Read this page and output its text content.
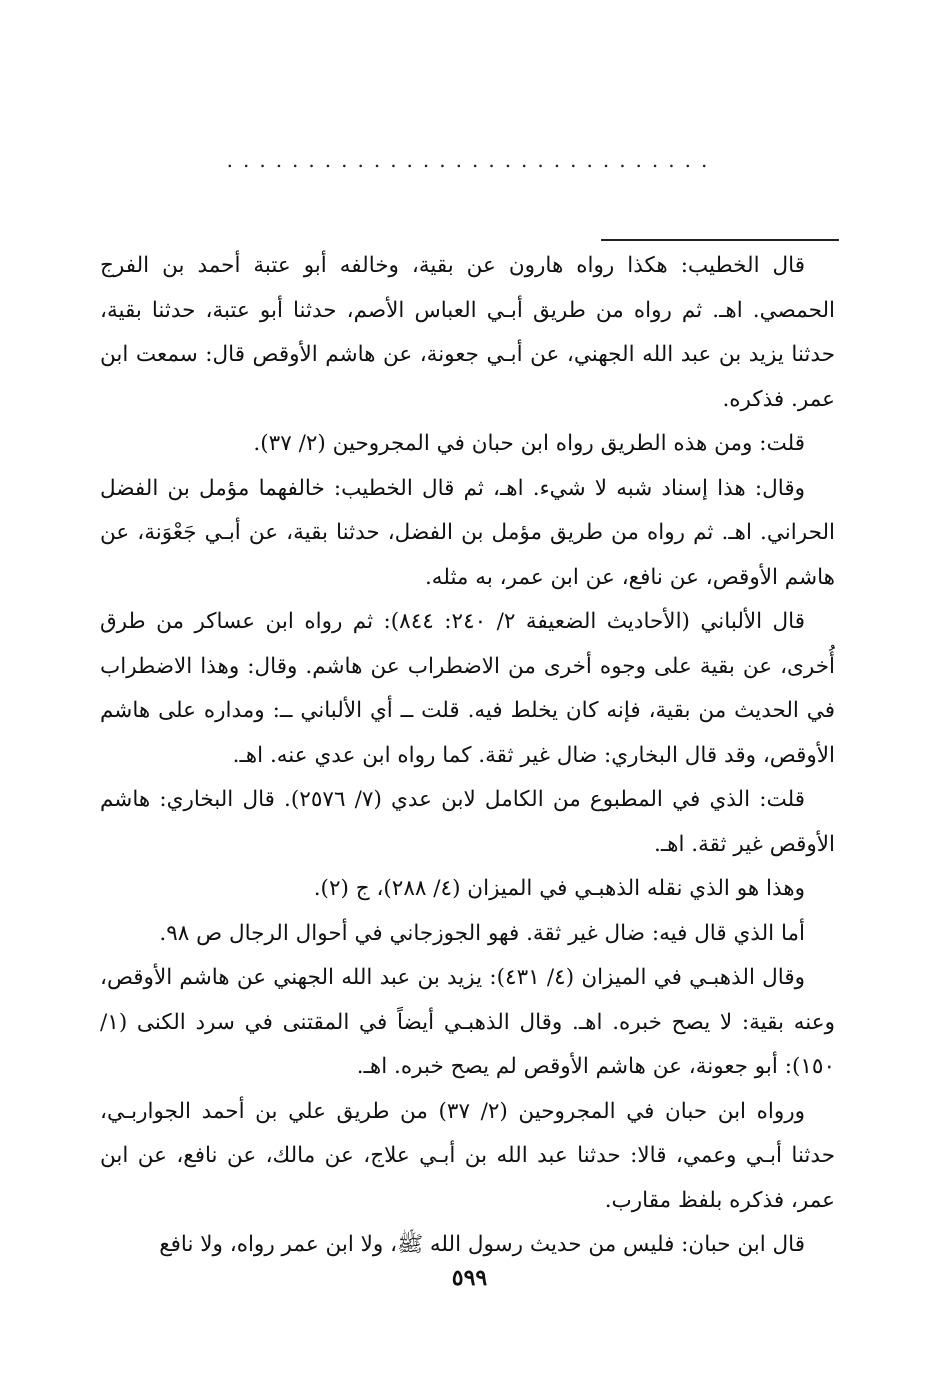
..............................

قال الخطيب: هكذا رواه هارون عن بقية، وخالفه أبو عتبة أحمد بن الفرج الحمصي. اهـ. ثم رواه من طريق أبـي العباس الأصم، حدثنا أبو عتبة، حدثنا بقية، حدثنا يزيد بن عبد الله الجهني، عن أبـي جعونة، عن هاشم الأوقص قال: سمعت ابن عمر. فذكره.

قلت: ومن هذه الطريق رواه ابن حبان في المجروحين (٢/ ٣٧).

وقال: هذا إسناد شبه لا شيء. اهـ، ثم قال الخطيب: خالفهما مؤمل بن الفضل الحراني. اهـ. ثم رواه من طريق مؤمل بن الفضل، حدثنا بقية، عن أبـي جَعْوَنة، عن هاشم الأوقص، عن نافع، عن ابن عمر، به مثله.

قال الألباني (الأحاديث الضعيفة ٢/ ٢٤٠: ٨٤٤): ثم رواه ابن عساكر من طرق أُخرى، عن بقية على وجوه أخرى من الاضطراب عن هاشم. وقال: وهذا الاضطراب في الحديث من بقية، فإنه كان يخلط فيه. قلت ــ أي الألباني ــ: ومداره على هاشم الأوقص، وقد قال البخاري: ضال غير ثقة. كما رواه ابن عدي عنه. اهـ.

قلت: الذي في المطبوع من الكامل لابن عدي (٧/ ٢٥٧٦). قال البخاري: هاشم الأوقص غير ثقة. اهـ.

وهذا هو الذي نقله الذهبـي في الميزان (٤/ ٢٨٨)، ج (٢).

أما الذي قال فيه: ضال غير ثقة. فهو الجوزجاني في أحوال الرجال ص ٩٨.

وقال الذهبـي في الميزان (٤/ ٤٣١): يزيد بن عبد الله الجهني عن هاشم الأوقص، وعنه بقية: لا يصح خبره. اهـ. وقال الذهبـي أيضاً في المقتنى في سرد الكنى (١/ ١٥٠): أبو جعونة، عن هاشم الأوقص لم يصح خبره. اهـ.

ورواه ابن حبان في المجروحين (٢/ ٣٧) من طريق علي بن أحمد الجواربـي، حدثنا أبـي وعمي، قالا: حدثنا عبد الله بن أبـي علاج، عن مالك، عن نافع، عن ابن عمر، فذكره بلفظ مقارب.

قال ابن حبان: فليس من حديث رسول الله ﷺ، ولا ابن عمر رواه، ولا نافع

٥٩٩
